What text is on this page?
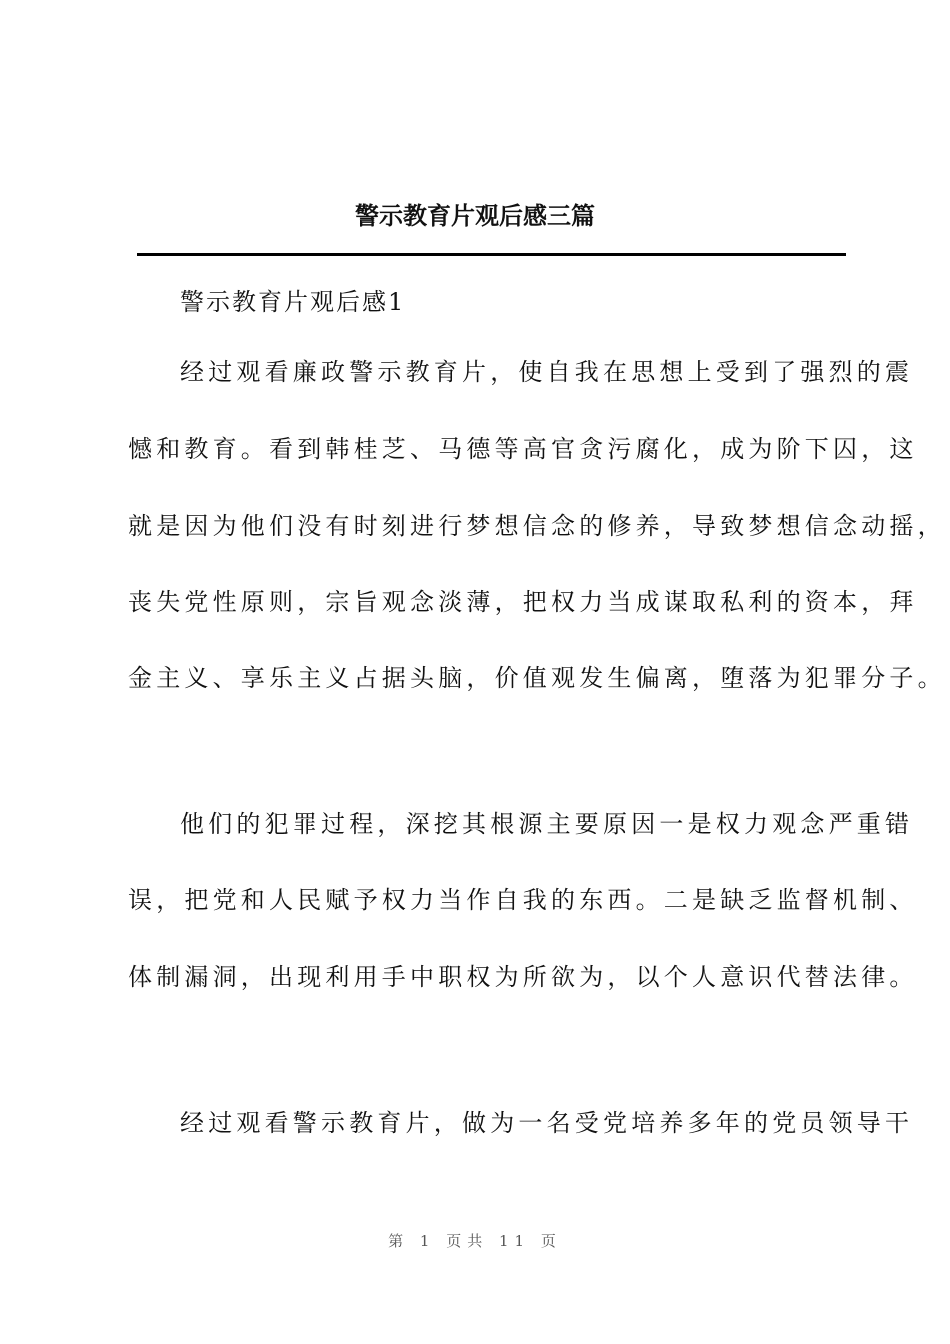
警示教育片观后感三篇
警示教育片观后感1
经过观看廉政警示教育片，使自我在思想上受到了强烈的震
憾和教育。看到韩桂芝、马德等高官贪污腐化，成为阶下囚，这
就是因为他们没有时刻进行梦想信念的修养，导致梦想信念动摇，
丧失党性原则，宗旨观念淡薄，把权力当成谋取私利的资本，拜
金主义、享乐主义占据头脑，价值观发生偏离，堕落为犯罪分子。
他们的犯罪过程，深挖其根源主要原因一是权力观念严重错
误，把党和人民赋予权力当作自我的东西。二是缺乏监督机制、
体制漏洞，出现利用手中职权为所欲为，以个人意识代替法律。
经过观看警示教育片，做为一名受党培养多年的党员领导干
第 1 页共 11 页
